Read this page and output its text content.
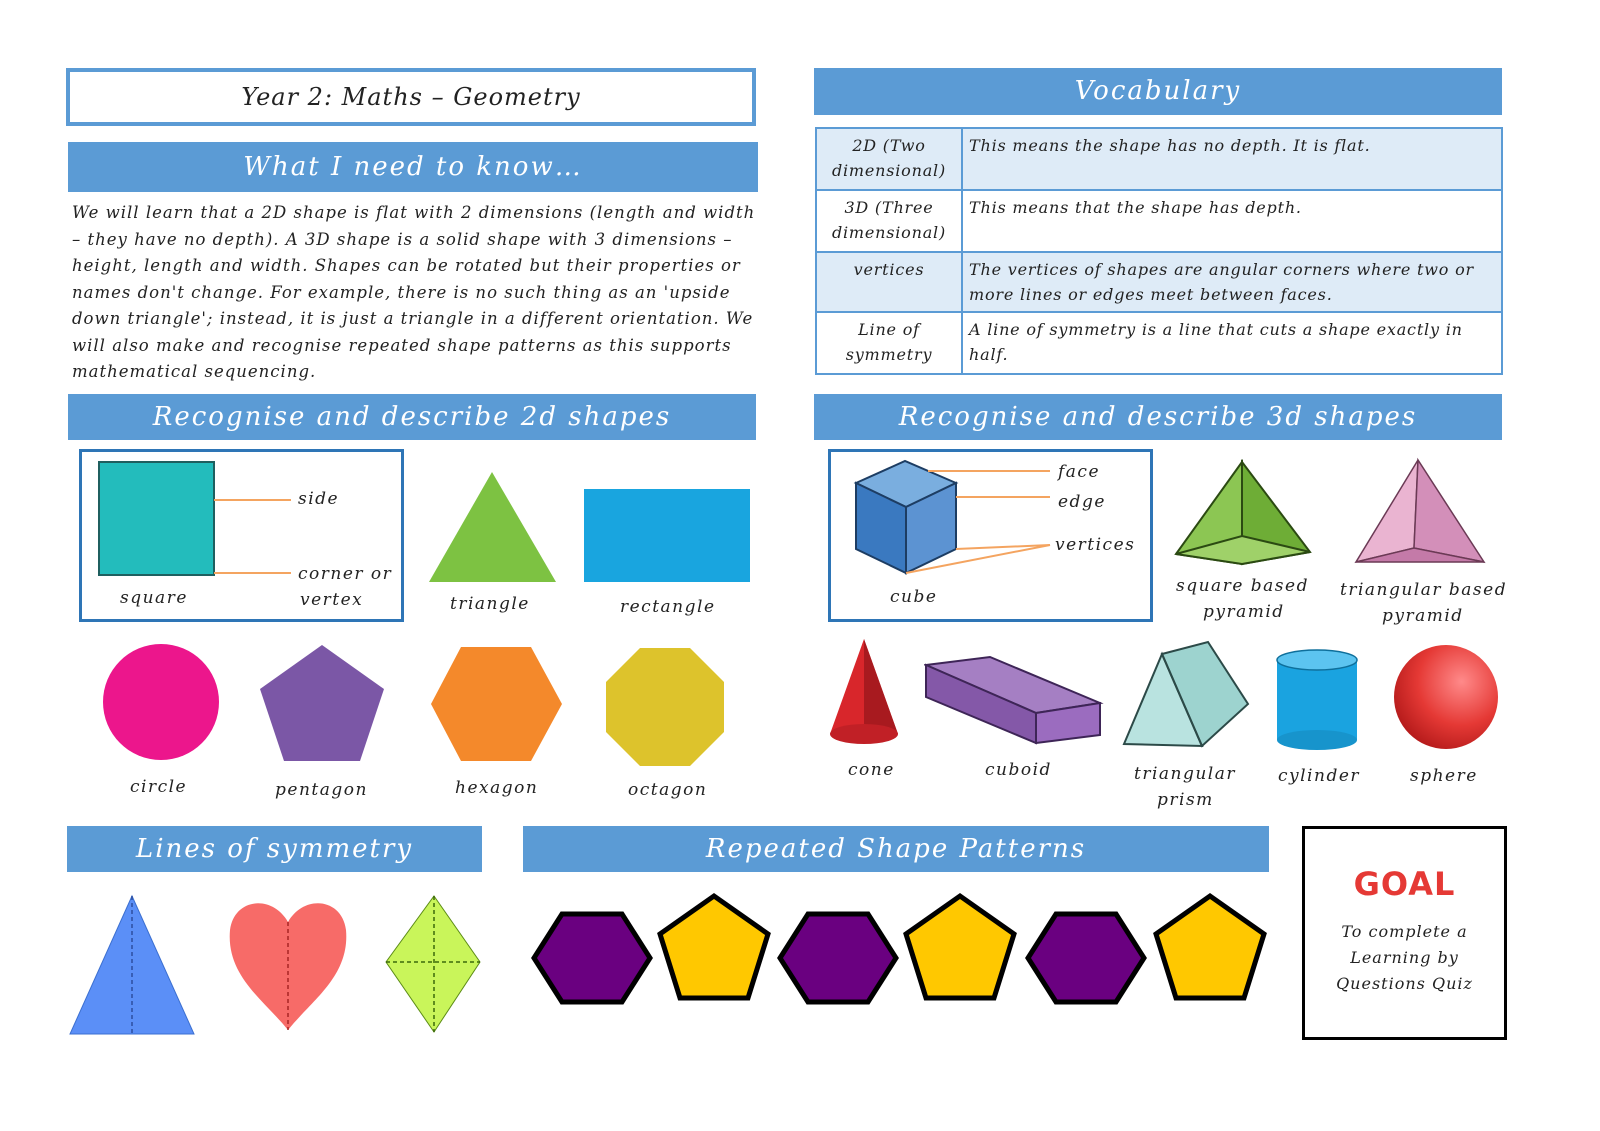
Year 2: Maths – Geometry
What I need to know…
We will learn that a 2D shape is flat with 2 dimensions (length and width – they have no depth). A 3D shape is a solid shape with 3 dimensions – height, length and width. Shapes can be rotated but their properties or names don't change. For example, there is no such thing as an 'upside down triangle'; instead, it is just a triangle in a different orientation. We will also make and recognise repeated shape patterns as this supports mathematical sequencing.
Vocabulary
2D (Two dimensional)	This means the shape has no depth. It is flat.
3D (Three dimensional)	This means that the shape has depth.
vertices	The vertices of shapes are angular corners where two or more lines or edges meet between faces.
Line of symmetry	A line of symmetry is a line that cuts a shape exactly in half.
Recognise and describe 2d shapes
side
corner or
vertex
square	triangle	rectangle
circle	pentagon	hexagon	octagon
Recognise and describe 3d shapes
face
edge
vertices
cube
square based
pyramid
triangular based
pyramid
cone	cuboid	triangular
prism
cylinder	sphere
Lines of symmetry	Repeated Shape Patterns
GOAL
To complete a
Learning by
Questions Quiz
